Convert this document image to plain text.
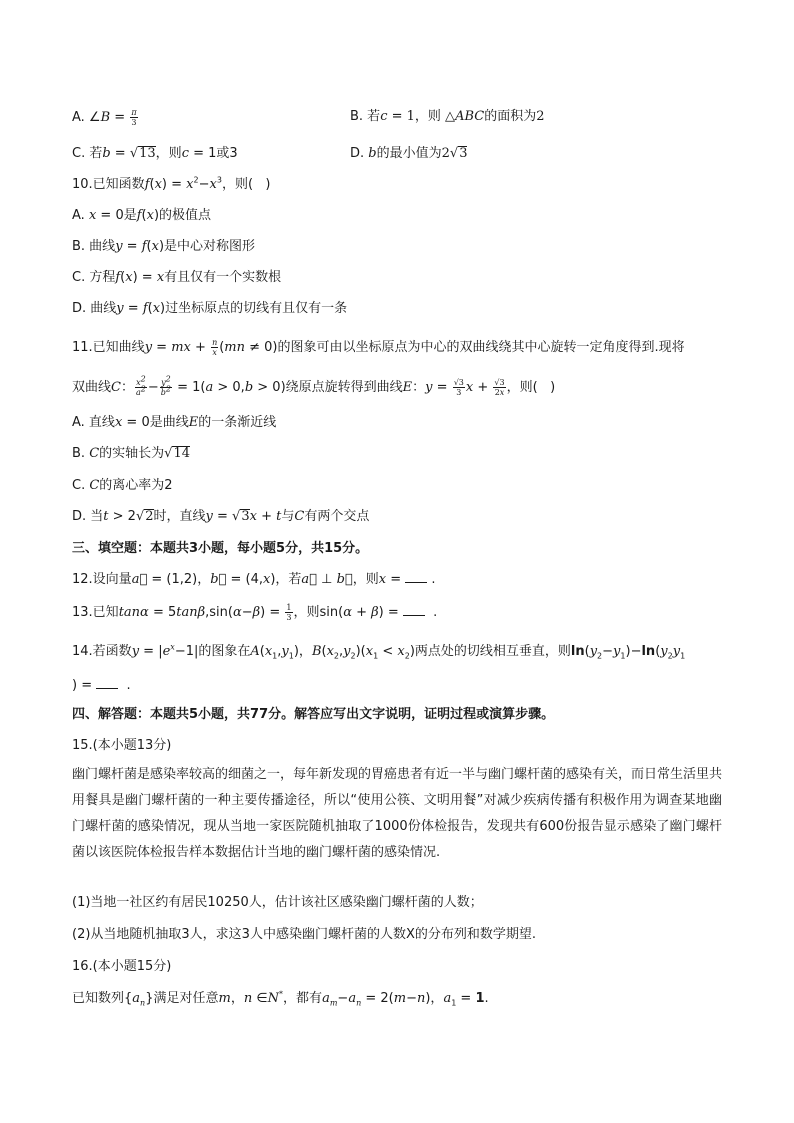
A. ∠B = $\frac{\pi}{3}$	B. 若c = 1，则 △ABC的面积为2
C. 若b = √13，则c = 1或3	D. b的最小值为2√3
10.已知函数$f(x) = x^2-x^3$，则(   )
A. x = 0是f(x)的极值点
B. 曲线y = f(x)是中心对称图形
C. 方程f(x) = x有且仅有一个实数根
D. 曲线y = f(x)过坐标原点的切线有且仅有一条
11.已知曲线y = mx + $\frac{n}{x} (mn \ne 0)$的图象可由以坐标原点为中心的双曲线绕其中心旋转一定角度得到.现将
双曲线C： $\frac{x^2}{a^2} - \frac{y^2}{b^2} = 1(a > 0,b > 0)$绕原点旋转得到曲线E：$y = \frac{√3}{3}$ $x + \frac{√3}{2x}$ ，则(   )
A. 直线x = 0是曲线E的一条渐近线
B. C的实轴长为√14
C. C的离心率为2
D. 当t > 2√2时，直线y = √3x + t与C有两个交点
三、填空题：本题共3小题，每小题5分，共15分。
12.设向量a⃗ = (1,2)，b⃗ = (4,x)，若a⃗ ⊥ b⃗，则x =  .
13.已知$\tan\alpha = 5\tan\beta,\sin(\alpha-\beta) = \frac{1}{3}$ ，则sin(α + β) =   .
14.若函数$y = |e^x-1|$的图象在$A(x_1,y_1)$，$B(x_2,y_2)(x_1 < x_2)$两点处的切线相互垂直，则$\ln(y_2-y_1)-\ln(y_2y_1$
) =   .
四、解答题：本题共5小题，共77分。解答应写出文字说明，证明过程或演算步骤。
15.(本小题13分)
幽门螺杆菌是感染率较高的细菌之一，每年新发现的胃癌患者有近一半与幽门螺杆菌的感染有关，而日常生活里共用餐具是幽门螺杆菌的一种主要传播途径，所以“使用公筷、文明用餐”对减少疾病传播有积极作用为调查某地幽门螺杆菌的感染情况，现从当地一家医院随机抽取了1000份体检报告，发现共有600份报告显示感染了幽门螺杆菌以该医院体检报告样本数据估计当地的幽门螺杆菌的感染情况.
(1)当地一社区约有居民10250人，估计该社区感染幽门螺杆菌的人数；
(2)从当地随机抽取3人，求这3人中感染幽门螺杆菌的人数X的分布列和数学期望.
16.(本小题15分)
已知数列$\{a_n\}$满足对任意m，n ∈N*，都有$a_m-a_n = 2(m-n)$，$a_1 = 1$.
